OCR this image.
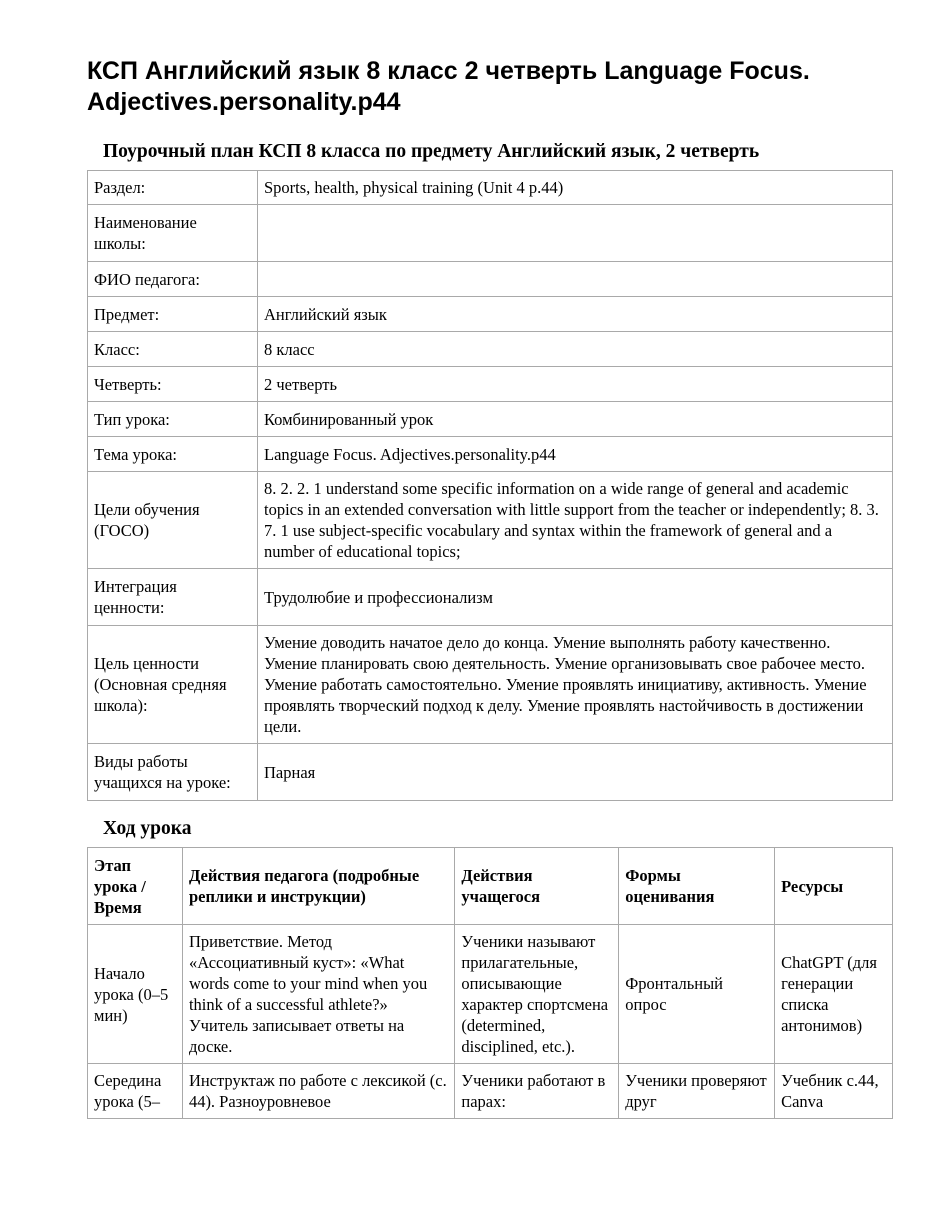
КСП Английский язык 8 класс 2 четверть Language Focus. Adjectives.personality.p44
Поурочный план КСП 8 класса по предмету Английский язык, 2 четверть
Раздел:	Sports, health, physical training (Unit 4 p.44)
Наименование школы:	
ФИО педагога:	
Предмет:	Английский язык
Класс:	8 класс
Четверть:	2 четверть
Тип урока:	Комбинированный урок
Тема урока:	Language Focus. Adjectives.personality.p44
Цели обучения (ГОСО)	8. 2. 2. 1 understand some specific information on a wide range of general and academic topics in an extended conversation with little support from the teacher or independently; 8. 3. 7. 1 use subject-specific vocabulary and syntax within the framework of general and a number of educational topics;
Интеграция ценности:	Трудолюбие и профессионализм
Цель ценности (Основная средняя школа):	Умение доводить начатое дело до конца. Умение выполнять работу качественно. Умение планировать свою деятельность. Умение организовывать свое рабочее место. Умение работать самостоятельно. Умение проявлять инициативу, активность. Умение проявлять творческий подход к делу. Умение проявлять настойчивость в достижении цели.
Виды работы учащихся на уроке:	Парная
Ход урока
Этап урока / Время	Действия педагога (подробные реплики и инструкции)	Действия учащегося	Формы оценивания	Ресурсы
Начало урока (0–5 мин)	Приветствие. Метод «Ассоциативный куст»: «What words come to your mind when you think of a successful athlete?» Учитель записывает ответы на доске.	Ученики называют прилагательные, описывающие характер спортсмена (determined, disciplined, etc.).	Фронтальный опрос	ChatGPT (для генерации списка антонимов)
Середина урока (5–	Инструктаж по работе с лексикой (с. 44). Разноуровневое	Ученики работают в парах:	Ученики проверяют друг	Учебник с.44, Canva
